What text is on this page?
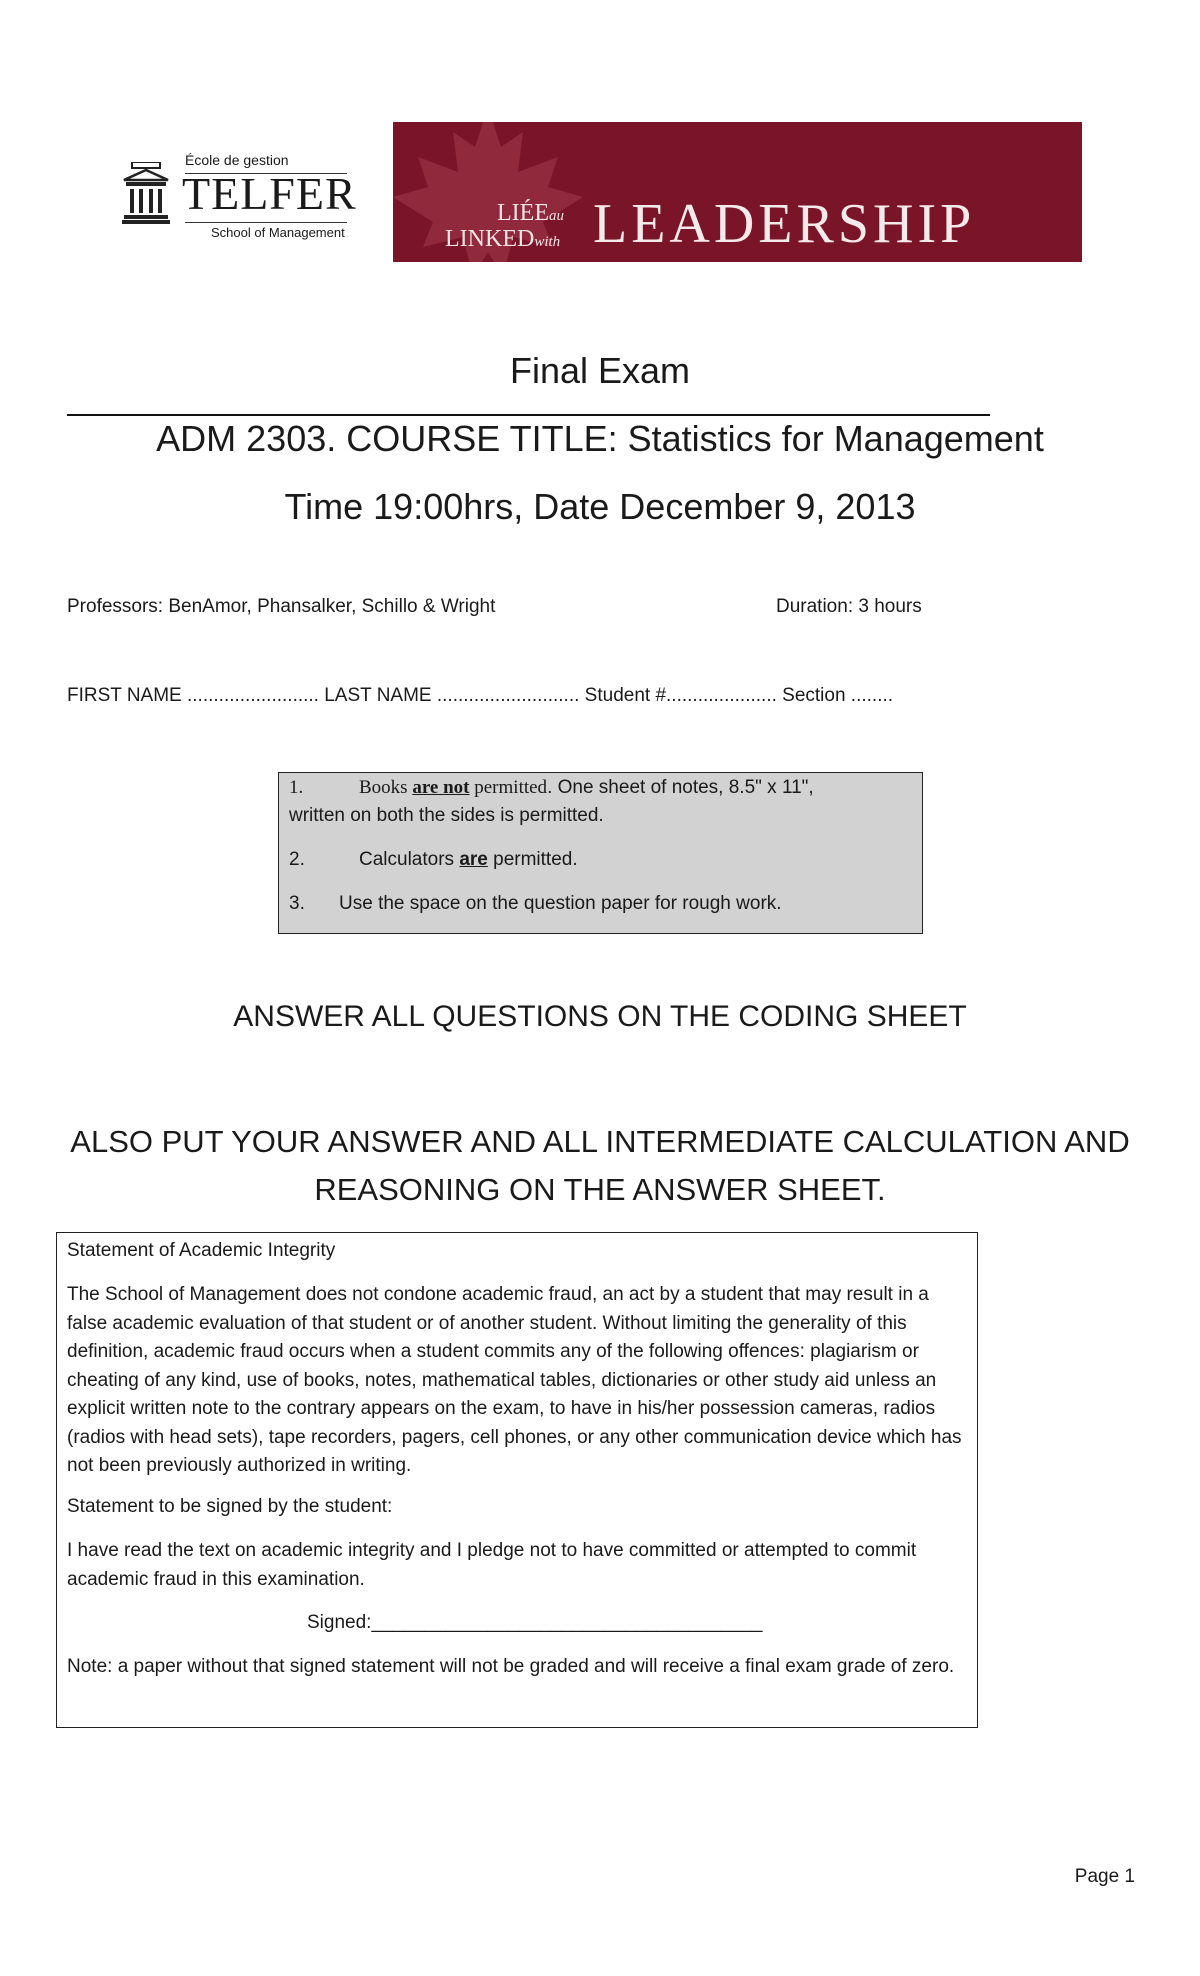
École de gestion
TELFER
School of Management
LIÉEau
LINKEDwith LEADERSHIP
Final Exam
ADM 2303. COURSE TITLE: Statistics for Management
Time 19:00hrs, Date December 9, 2013
Professors: BenAmor, Phansalker, Schillo & Wright	Duration: 3 hours
FIRST NAME ......................... LAST NAME ........................... Student #..................... Section ........
1.	Books are not permitted. One sheet of notes, 8.5" x 11",
written on both the sides is permitted.
2.	Calculators are permitted.
3. Use the space on the question paper for rough work.
ANSWER ALL QUESTIONS ON THE CODING SHEET
ALSO PUT YOUR ANSWER AND ALL INTERMEDIATE CALCULATION AND
REASONING ON THE ANSWER SHEET.
Statement of Academic Integrity
The School of Management does not condone academic fraud, an act by a student that may result in a false academic evaluation of that student or of another student. Without limiting the generality of this definition, academic fraud occurs when a student commits any of the following offences: plagiarism or cheating of any kind, use of books, notes, mathematical tables, dictionaries or other study aid unless an explicit written note to the contrary appears on the exam, to have in his/her possession cameras, radios (radios with head sets), tape recorders, pagers, cell phones, or any other communication device which has not been previously authorized in writing.
Statement to be signed by the student:
I have read the text on academic integrity and I pledge not to have committed or attempted to commit academic fraud in this examination.
Signed:_____________________________________
Note: a paper without that signed statement will not be graded and will receive a final exam grade of zero.
Page 1
